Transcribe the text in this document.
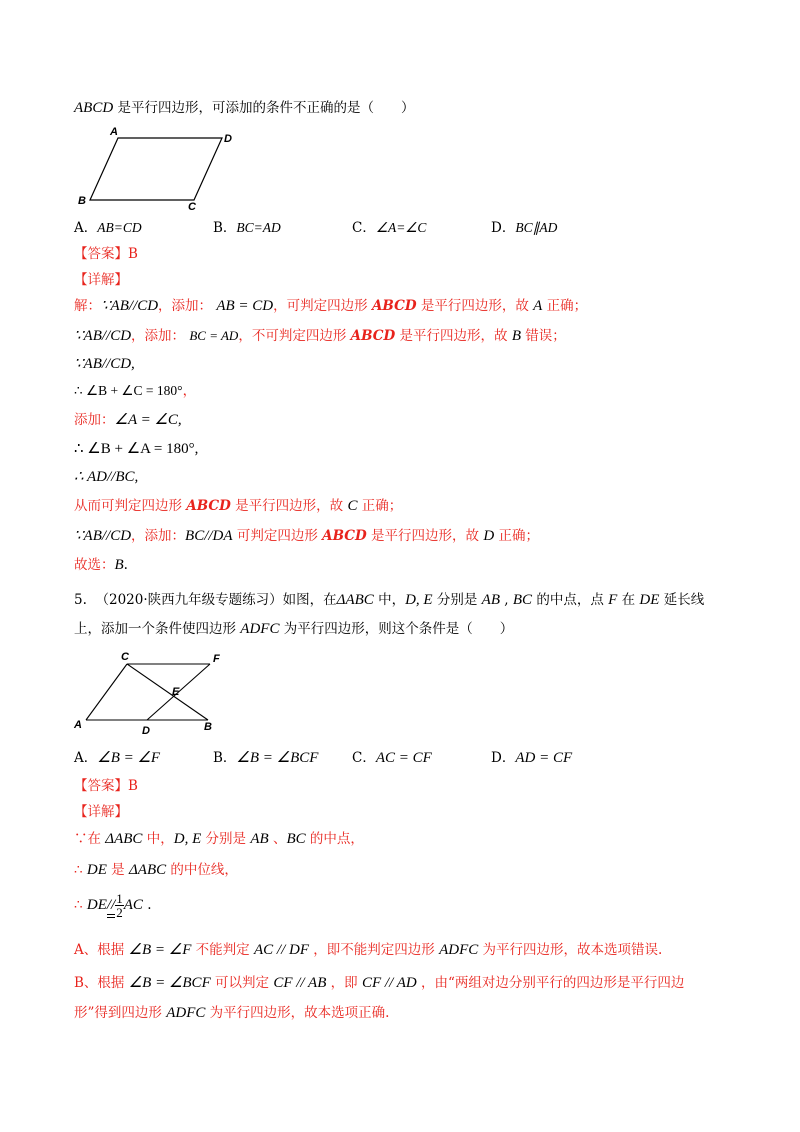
ABCD 是平行四边形，可添加的条件不正确的是（　　）
A
D
B	C
A．AB=CD	B．BC=AD	C．∠A=∠C	D．BC∥AD
【答案】B
【详解】
解：∵AB//CD，添加： AB = CD，可判定四边形 ABCD 是平行四边形，故 A 正确；
∵AB//CD，添加： BC = AD，不可判定四边形 ABCD 是平行四边形，故 B 错误；
∵AB//CD,
∴ ∠B + ∠C = 180°，
添加：∠A = ∠C,
∴ ∠B + ∠A = 180°,
∴ AD//BC,
从而可判定四边形 ABCD 是平行四边形，故 C 正确；
∵AB//CD，添加：BC//DA 可判定四边形 ABCD 是平行四边形，故 D 正确；
故选：B.
5. （2020·陕西九年级专题练习）如图，在ΔABC 中，D, E 分别是 AB , BC 的中点，点 F 在 DE 延长线
上，添加一个条件使四边形 ADFC 为平行四边形，则这个条件是（　　）
C	F
E
A	D	B
A．∠B = ∠F	B．∠B = ∠BCF C．AC = CF	D．AD = CF
【答案】B
【详解】
∵在 ΔABC 中，D, E 分别是 AB 、BC 的中点，
∴ DE 是 ΔABC 的中位线，
∴ $DE// \frac{1}{2}$ AC .
A、根据 ∠B = ∠F 不能判定 AC // DF ，即不能判定四边形 ADFC 为平行四边形，故本选项错误.
B、根据 ∠B = ∠BCF 可以判定 CF // AB ，即 CF // AD ，由“两组对边分别平行的四边形是平行四边
形”得到四边形 ADFC 为平行四边形，故本选项正确.
